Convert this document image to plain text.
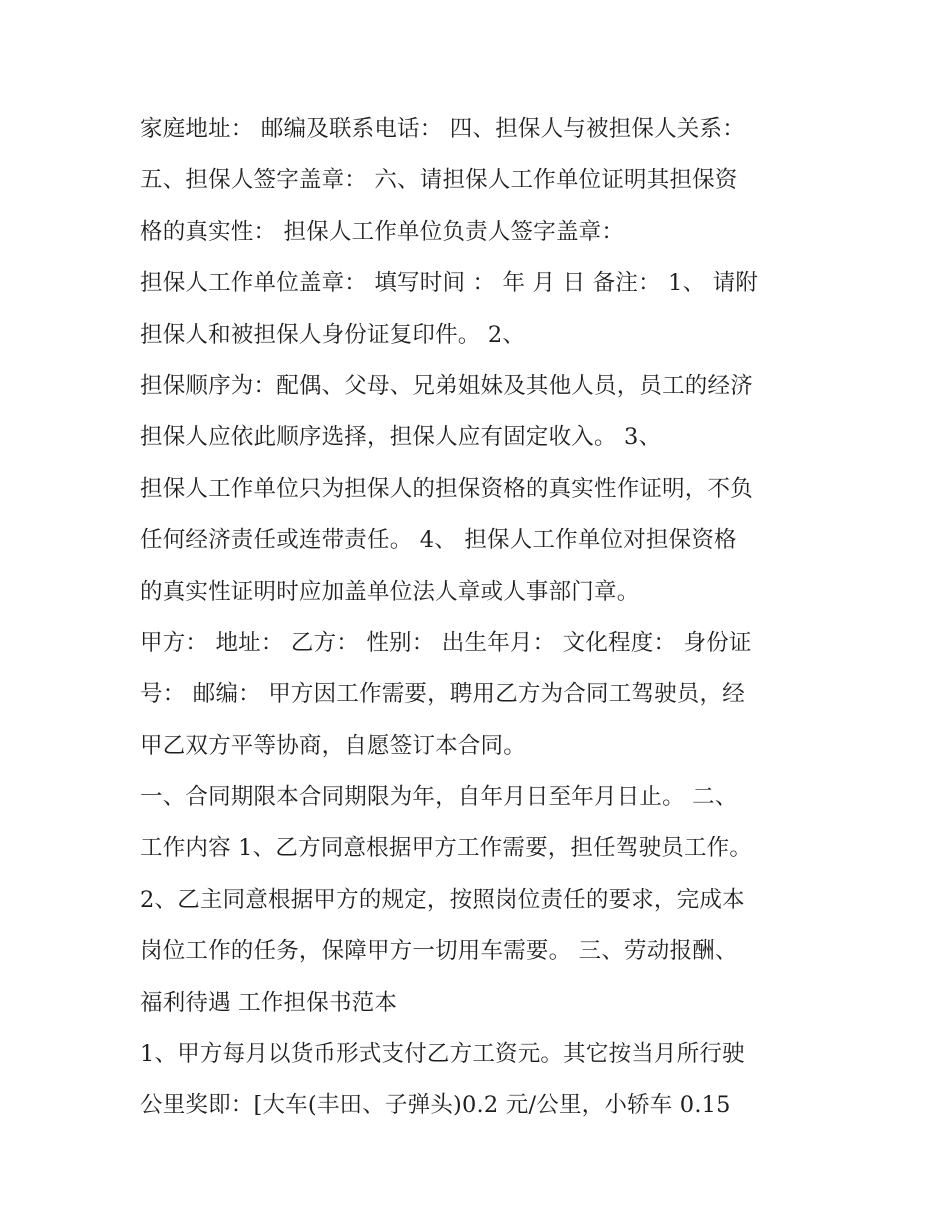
家庭地址： 邮编及联系电话： 四、担保人与被担保人关系：
五、担保人签字盖章： 六、请担保人工作单位证明其担保资
格的真实性： 担保人工作单位负责人签字盖章：
担保人工作单位盖章： 填写时间 ： 年 月 日 备注： 1、 请附
担保人和被担保人身份证复印件。 2、
担保顺序为：配偶、父母、兄弟姐妹及其他人员，员工的经济
担保人应依此顺序选择，担保人应有固定收入。 3、
担保人工作单位只为担保人的担保资格的真实性作证明，不负
任何经济责任或连带责任。 4、 担保人工作单位对担保资格
的真实性证明时应加盖单位法人章或人事部门章。
甲方： 地址： 乙方： 性别： 出生年月： 文化程度： 身份证
号： 邮编： 甲方因工作需要，聘用乙方为合同工驾驶员，经
甲乙双方平等协商，自愿签订本合同。
一、合同期限本合同期限为年，自年月日至年月日止。 二、
工作内容 1、乙方同意根据甲方工作需要，担任驾驶员工作。
2、乙主同意根据甲方的规定，按照岗位责任的要求，完成本
岗位工作的任务，保障甲方一切用车需要。 三、劳动报酬、
福利待遇 工作担保书范本
1、甲方每月以货币形式支付乙方工资元。其它按当月所行驶
公里奖即：[大车(丰田、子弹头)0.2 元/公里，小轿车 0.15
